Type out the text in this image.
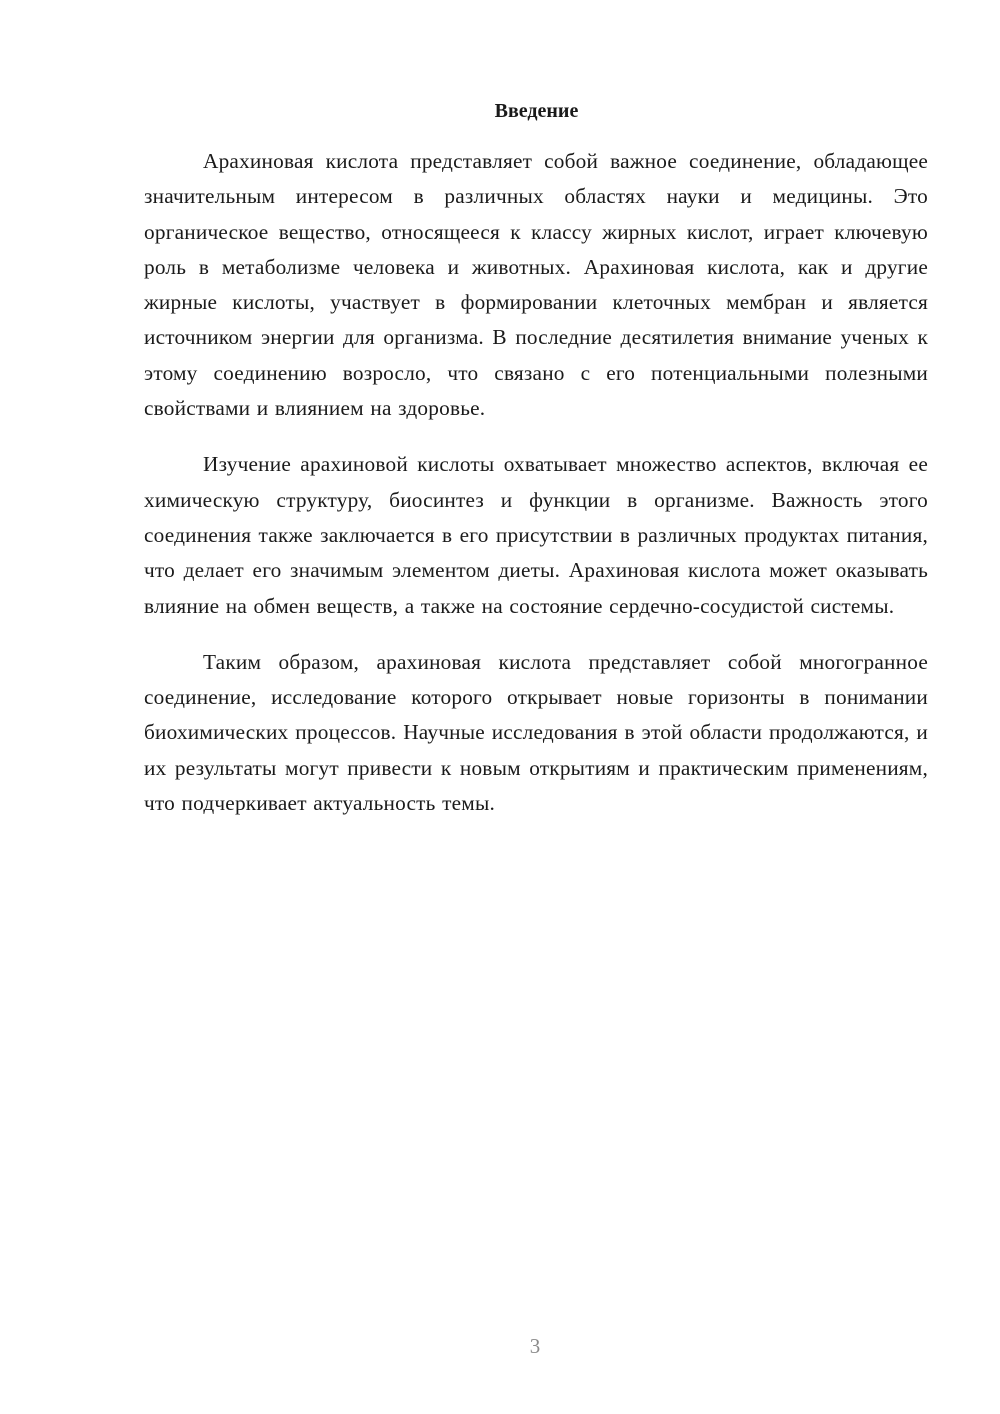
Введение

Арахиновая кислота представляет собой важное соединение, обладающее значительным интересом в различных областях науки и медицины. Это органическое вещество, относящееся к классу жирных кислот, играет ключевую роль в метаболизме человека и животных. Арахиновая кислота, как и другие жирные кислоты, участвует в формировании клеточных мембран и является источником энергии для организма. В последние десятилетия внимание ученых к этому соединению возросло, что связано с его потенциальными полезными свойствами и влиянием на здоровье.

Изучение арахиновой кислоты охватывает множество аспектов, включая ее химическую структуру, биосинтез и функции в организме. Важность этого соединения также заключается в его присутствии в различных продуктах питания, что делает его значимым элементом диеты. Арахиновая кислота может оказывать влияние на обмен веществ, а также на состояние сердечно-сосудистой системы.

Таким образом, арахиновая кислота представляет собой многогранное соединение, исследование которого открывает новые горизонты в понимании биохимических процессов. Научные исследования в этой области продолжаются, и их результаты могут привести к новым открытиям и практическим применениям, что подчеркивает актуальность темы.

3
